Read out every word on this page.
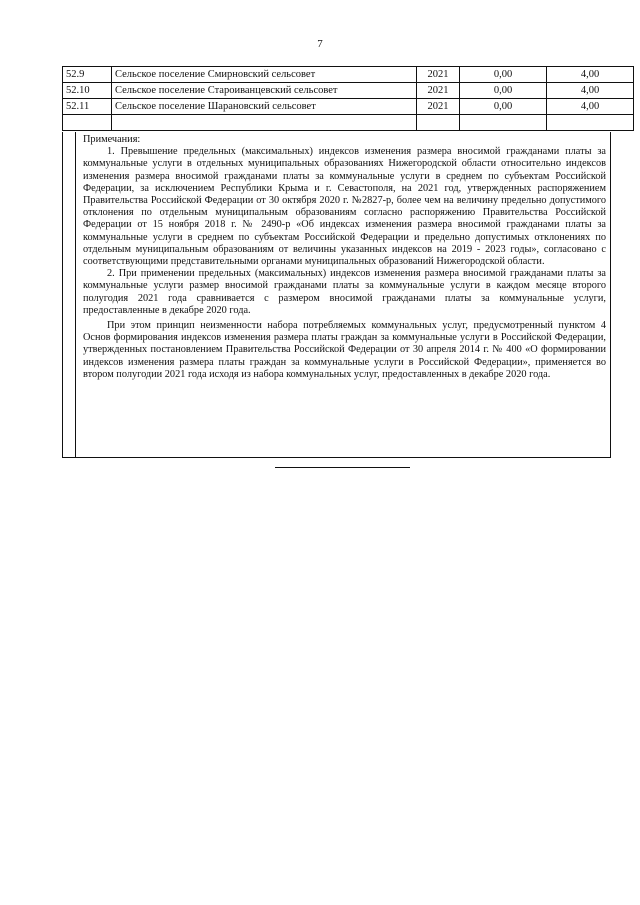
7
52.9	Сельское поселение Смирновский сельсовет	2021	0,00	4,00
52.10	Сельское поселение Староиванцевский сельсовет	2021	0,00	4,00
52.11	Сельское поселение Шарановский сельсовет	2021	0,00	4,00

Примечания:

1. Превышение предельных (максимальных) индексов изменения размера вносимой гражданами платы за коммунальные услуги в отдельных муниципальных образованиях Нижегородской области относительно индексов изменения размера вносимой гражданами платы за коммунальные услуги в среднем по субъектам Российской Федерации, за исключением Республики Крыма и г. Севастополя, на 2021 год, утвержденных распоряжением Правительства Российской Федерации от 30 октября 2020 г. №2827-р, более чем на величину предельно допустимого отклонения по отдельным муниципальным образованиям согласно распоряжению Правительства Российской Федерации от 15 ноября 2018 г. № 2490-р «Об индексах изменения размера вносимой гражданами платы за коммунальные услуги в среднем по субъектам Российской Федерации и предельно допустимых отклонениях по отдельным муниципальным образованиям от величины указанных индексов на 2019 - 2023 годы», согласовано с соответствующими представительными органами муниципальных образований Нижегородской области.

2. При применении предельных (максимальных) индексов изменения размера вносимой гражданами платы за коммунальные услуги размер вносимой гражданами платы за коммунальные услуги в каждом месяце второго полугодия 2021 года сравнивается с размером вносимой гражданами платы за коммунальные услуги, предоставленные в декабре 2020 года.

При этом принцип неизменности набора потребляемых коммунальных услуг, предусмотренный пунктом 4 Основ формирования индексов изменения размера платы граждан за коммунальные услуги в Российской Федерации, утвержденных постановлением Правительства Российской Федерации от 30 апреля 2014 г. № 400 «О формировании индексов изменения размера платы граждан за коммунальные услуги в Российской Федерации», применяется во втором полугодии 2021 года исходя из набора коммунальных услуг, предоставленных в декабре 2020 года.
